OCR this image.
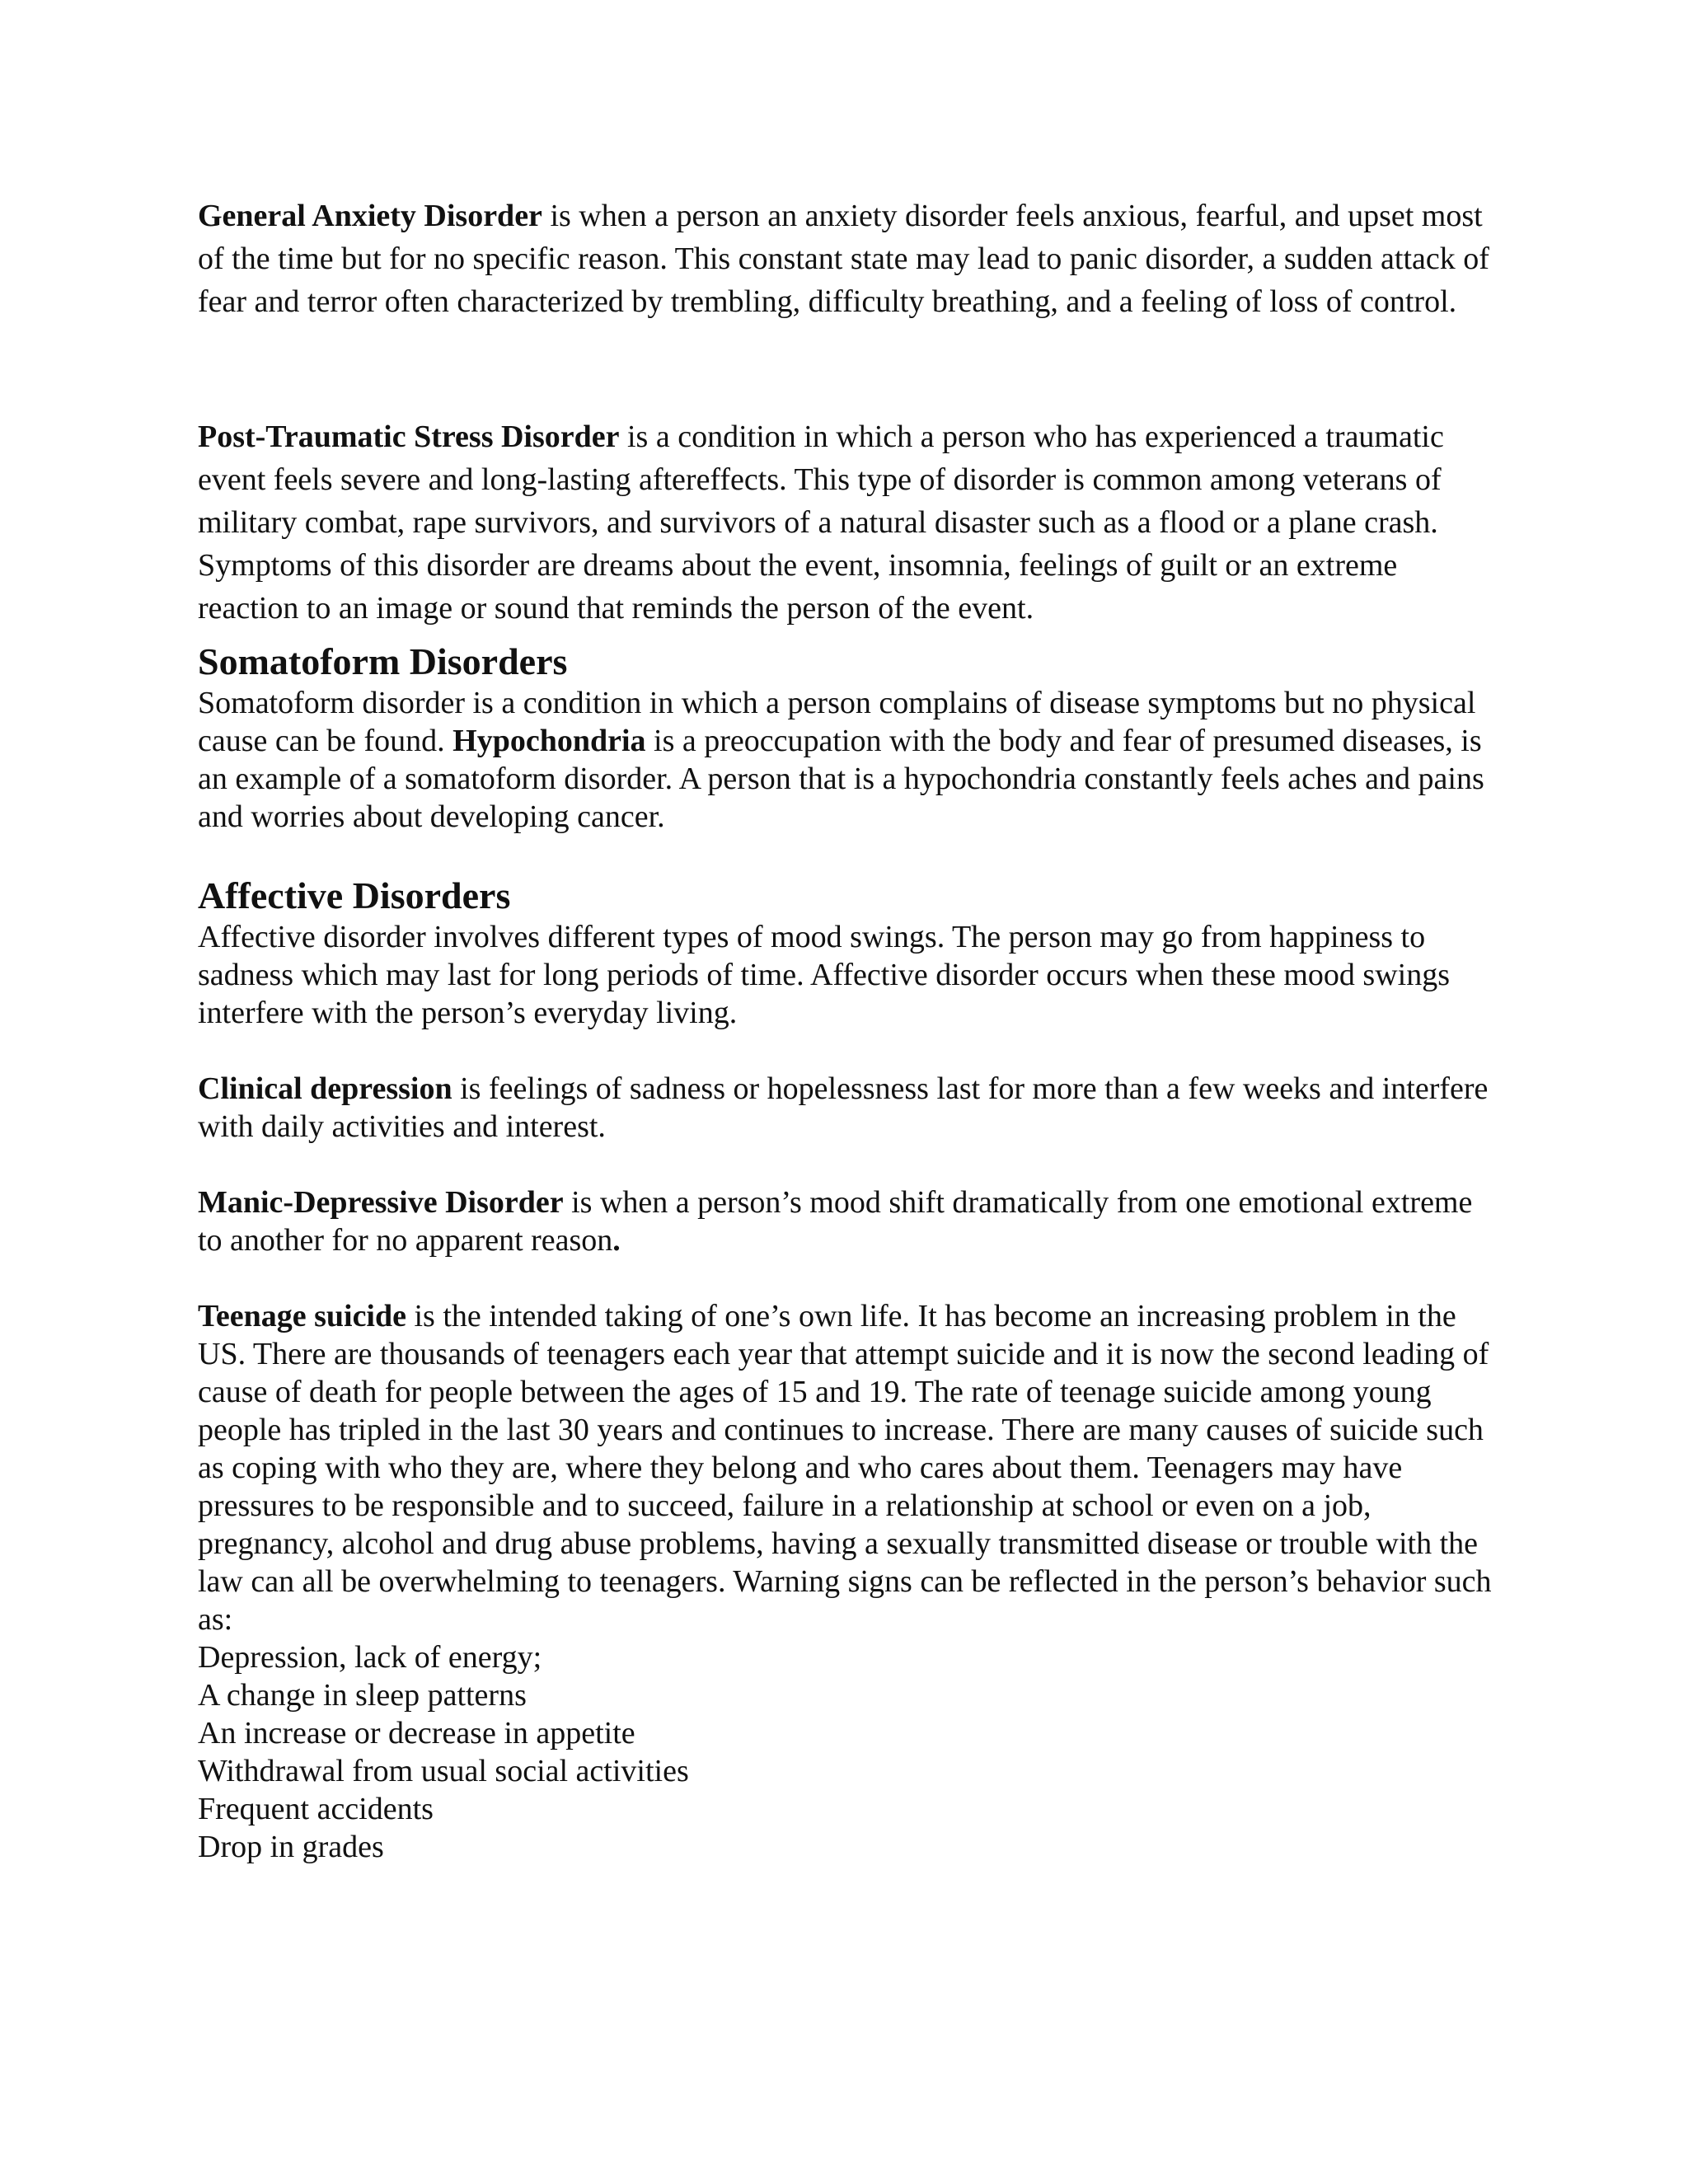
General Anxiety Disorder is when a person an anxiety disorder feels anxious, fearful, and upset most of the time but for no specific reason. This constant state may lead to panic disorder, a sudden attack of fear and terror often characterized by trembling, difficulty breathing, and a feeling of loss of control.

Post-Traumatic Stress Disorder is a condition in which a person who has experienced a traumatic event feels severe and long-lasting aftereffects. This type of disorder is common among veterans of military combat, rape survivors, and survivors of a natural disaster such as a flood or a plane crash. Symptoms of this disorder are dreams about the event, insomnia, feelings of guilt or an extreme reaction to an image or sound that reminds the person of the event.

Somatoform Disorders

Somatoform disorder is a condition in which a person complains of disease symptoms but no physical cause can be found. Hypochondria is a preoccupation with the body and fear of presumed diseases, is an example of a somatoform disorder. A person that is a hypochondria constantly feels aches and pains and worries about developing cancer.

Affective Disorders

Affective disorder involves different types of mood swings. The person may go from happiness to sadness which may last for long periods of time. Affective disorder occurs when these mood swings interfere with the person’s everyday living.

Clinical depression is feelings of sadness or hopelessness last for more than a few weeks and interfere with daily activities and interest.

Manic-Depressive Disorder is when a person’s mood shift dramatically from one emotional extreme to another for no apparent reason.

Teenage suicide is the intended taking of one’s own life. It has become an increasing problem in the US. There are thousands of teenagers each year that attempt suicide and it is now the second leading of cause of death for people between the ages of 15 and 19. The rate of teenage suicide among young people has tripled in the last 30 years and continues to increase. There are many causes of suicide such as coping with who they are, where they belong and who cares about them. Teenagers may have pressures to be responsible and to succeed, failure in a relationship at school or even on a job, pregnancy, alcohol and drug abuse problems, having a sexually transmitted disease or trouble with the law can all be overwhelming to teenagers. Warning signs can be reflected in the person’s behavior such as:

Depression, lack of energy;
A change in sleep patterns
An increase or decrease in appetite
Withdrawal from usual social activities
Frequent accidents
Drop in grades
